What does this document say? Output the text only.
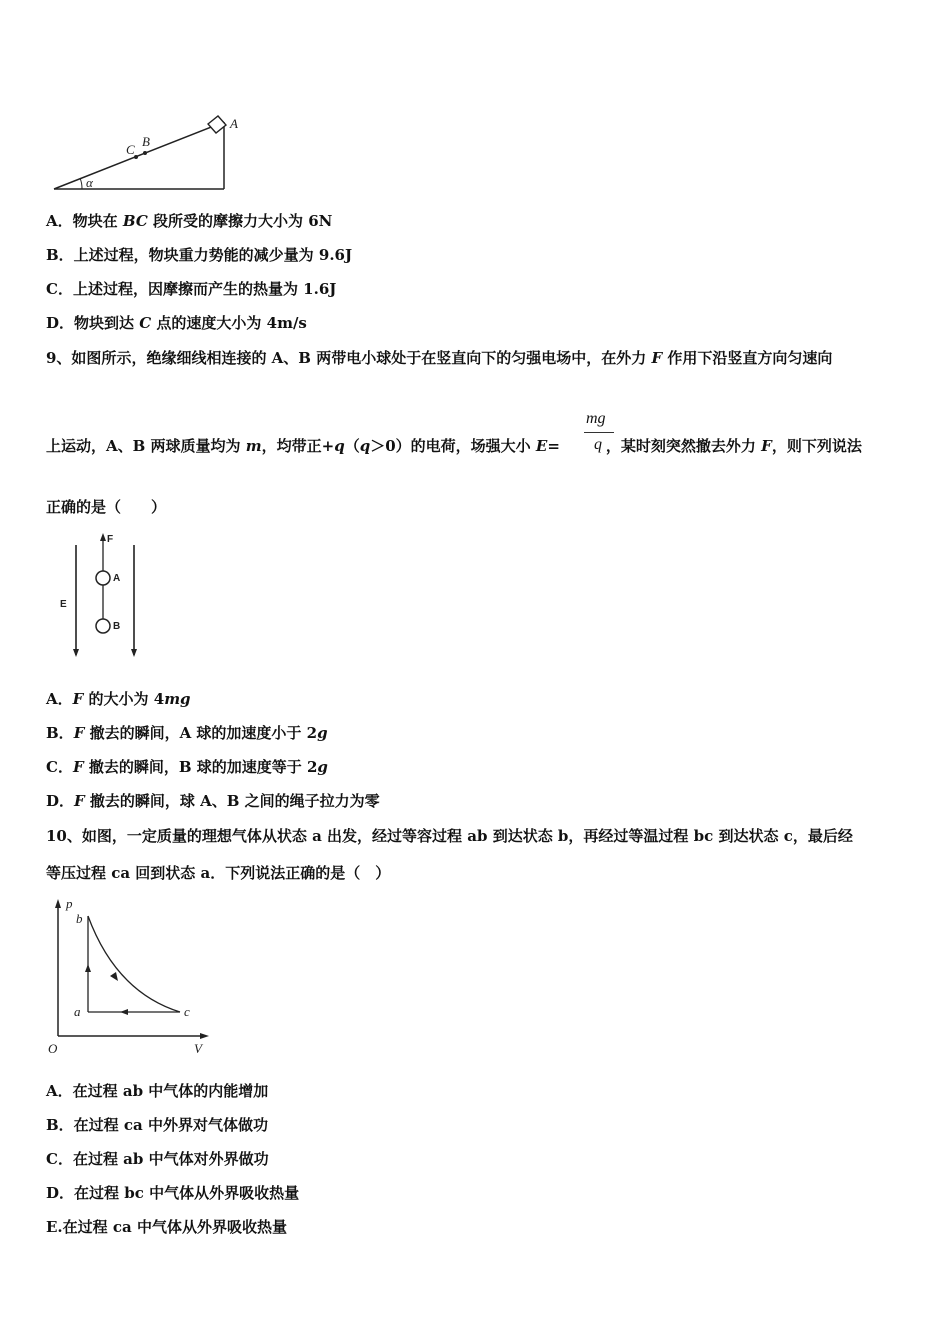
C
B
A
α
A．物块在 BC 段所受的摩擦力大小为 6N
B．上述过程，物块重力势能的减少量为 9.6J
C．上述过程，因摩擦而产生的热量为 1.6J
D．物块到达 C 点的速度大小为 4m/s
9、如图所示，绝缘细线相连接的 A、B 两带电小球处于在竖直向下的匀强电场中，在外力 F 作用下沿竖直方向匀速向
上运动，A、B 两球质量均为 m，均带正+q（q＞0）的电荷，场强大小 E=	，某时刻突然撤去外力 F，则下列说法
mg
q
正确的是（　　）
F
E
A
B
A．F 的大小为 4mg
B．F 撤去的瞬间，A 球的加速度小于 2g
C．F 撤去的瞬间，B 球的加速度等于 2g
D．F 撤去的瞬间，球 A、B 之间的绳子拉力为零
10、如图，一定质量的理想气体从状态 a 出发，经过等容过程 ab 到达状态 b，再经过等温过程 bc 到达状态 c，最后经
等压过程 ca 回到状态 a．下列说法正确的是（　）
p
V
O
a
b
c
A．在过程 ab 中气体的内能增加
B．在过程 ca 中外界对气体做功
C．在过程 ab 中气体对外界做功
D．在过程 bc 中气体从外界吸收热量
E.在过程 ca 中气体从外界吸收热量
